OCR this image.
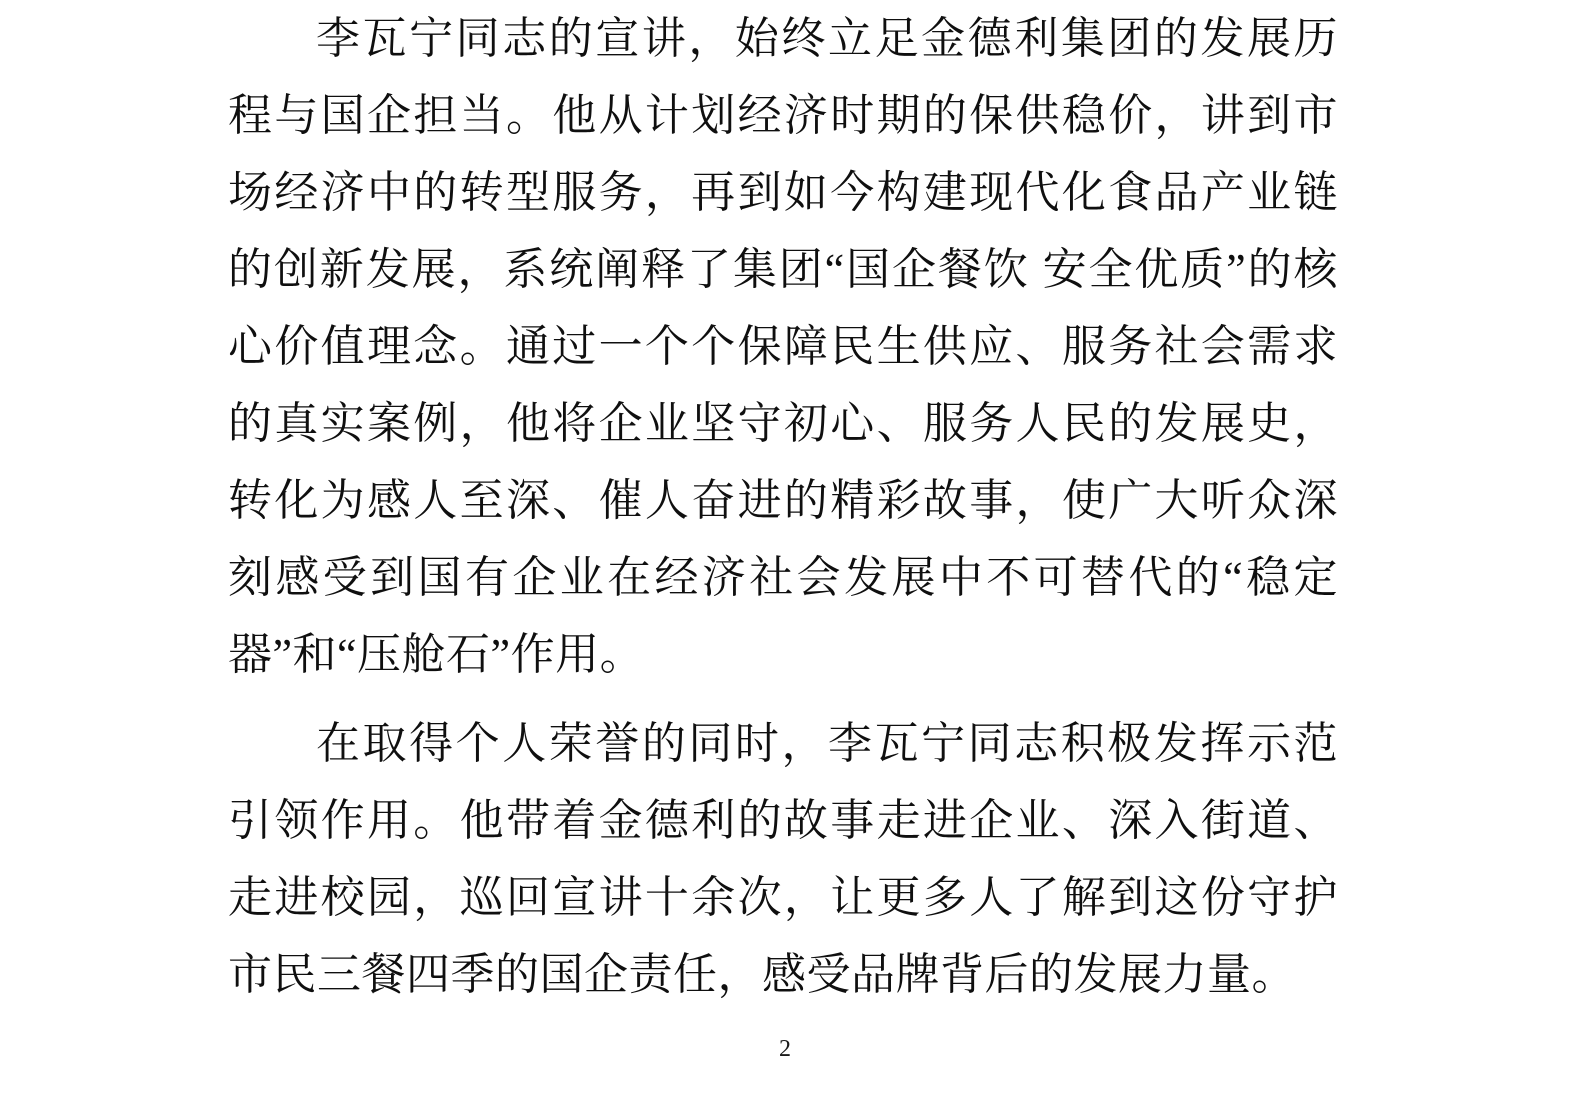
李瓦宁同志的宣讲，始终立足金德利集团的发展历程与国企担当。他从计划经济时期的保供稳价，讲到市场经济中的转型服务，再到如今构建现代化食品产业链的创新发展，系统阐释了集团“国企餐饮 安全优质”的核心价值理念。通过一个个保障民生供应、服务社会需求的真实案例，他将企业坚守初心、服务人民的发展史，转化为感人至深、催人奋进的精彩故事，使广大听众深刻感受到国有企业在经济社会发展中不可替代的“稳定器”和“压舱石”作用。

在取得个人荣誉的同时，李瓦宁同志积极发挥示范引领作用。他带着金德利的故事走进企业、深入街道、走进校园，巡回宣讲十余次，让更多人了解到这份守护市民三餐四季的国企责任，感受品牌背后的发展力量。

2
